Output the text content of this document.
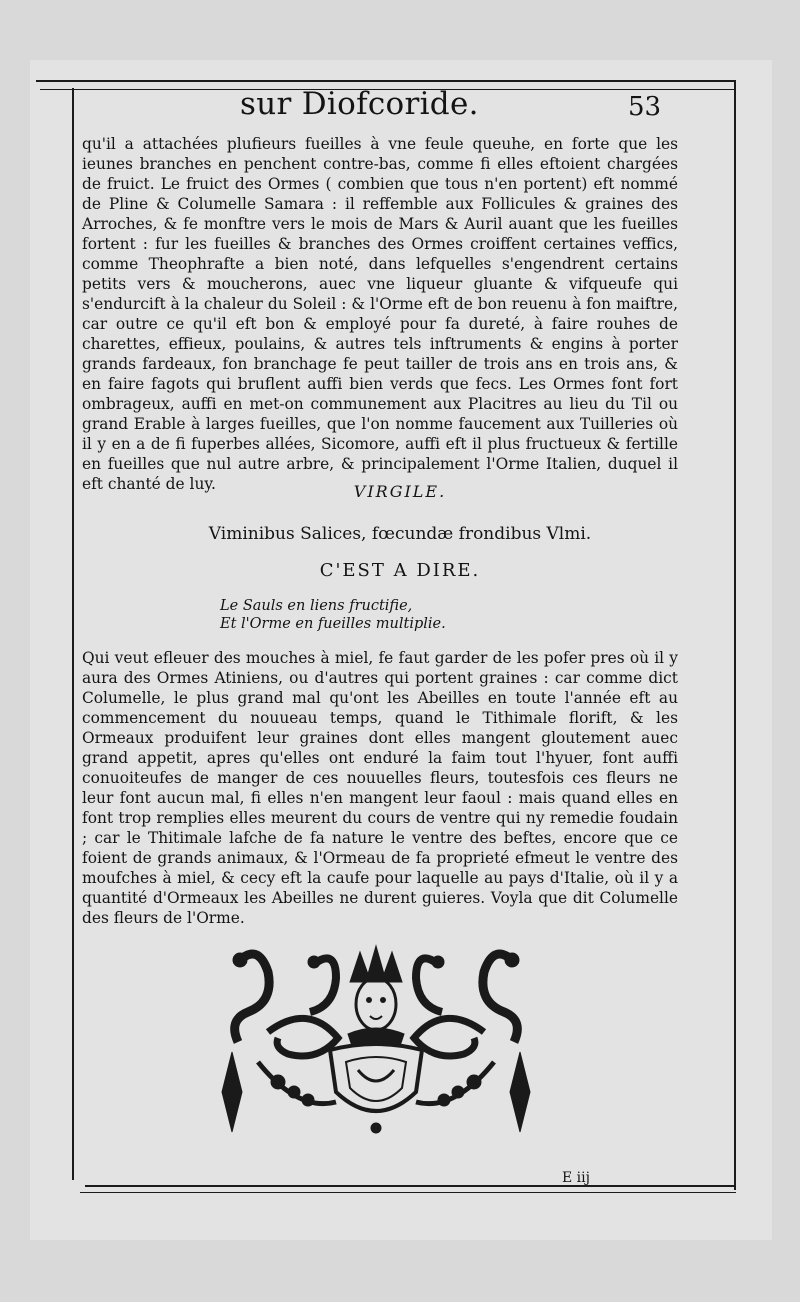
sur Diofcoride.	53
qu'il a attachées plufieurs fueilles à vne feule queuhe, en forte que les ieunes branches en penchent contre-bas, comme fi elles eftoient chargées de fruict. Le fruict des Ormes ( combien que tous n'en portent) eft nommé de Pline & Columelle Samara : il reffemble aux Follicules & graines des Arroches, & fe monftre vers le mois de Mars & Auril auant que les fueilles fortent : fur les fueilles & branches des Ormes croiffent certaines veffics, comme Theophrafte a bien noté, dans lefquelles s'engendrent certains petits vers & moucherons, auec vne liqueur gluante & vifqueufe qui s'endurcift à la chaleur du Soleil : & l'Orme eft de bon reuenu à fon maiftre, car outre ce qu'il eft bon & employé pour fa dureté, à faire rouhes de charettes, effieux, poulains, & autres tels inftruments & engins à porter grands fardeaux, fon branchage fe peut tailler de trois ans en trois ans, & en faire fagots qui bruflent auffi bien verds que fecs. Les Ormes font fort ombrageux, auffi en met-on communement aux Placitres au lieu du Til ou grand Erable à larges fueilles, que l'on nomme faucement aux Tuilleries où il y en a de fi fuperbes allées, Sicomore, auffi eft il plus fructueux & fertille en fueilles que nul autre arbre, & principalement l'Orme Italien, duquel il eft chanté de luy.	VIRGILE.
Viminibus Salices, fœcundæ frondibus Vlmi.
C'EST A DIRE.
Le Sauls en liens fructifie,
Et l'Orme en fueilles multiplie.
Qui veut efleuer des mouches à miel, fe faut garder de les pofer pres où il y aura des Ormes Atiniens, ou d'autres qui portent graines : car comme dict Columelle, le plus grand mal qu'ont les Abeilles en toute l'année eft au commencement du nouueau temps, quand le Tithimale florift, & les Ormeaux produifent leur graines dont elles mangent gloutement auec grand appetit, apres qu'elles ont enduré la faim tout l'hyuer, font auffi conuoiteufes de manger de ces nouuelles fleurs, toutesfois ces fleurs ne leur font aucun mal, fi elles n'en mangent leur faoul : mais quand elles en font trop remplies elles meurent du cours de ventre qui ny remedie foudain ; car le Thitimale lafche de fa nature le ventre des beftes, encore que ce foient de grands animaux, & l'Ormeau de fa proprieté efmeut le ventre des moufches à miel, & cecy eft la caufe pour laquelle au pays d'Italie, où il y a quantité d'Ormeaux les Abeilles ne durent guieres. Voyla que dit Columelle des fleurs de l'Orme.
E iij
